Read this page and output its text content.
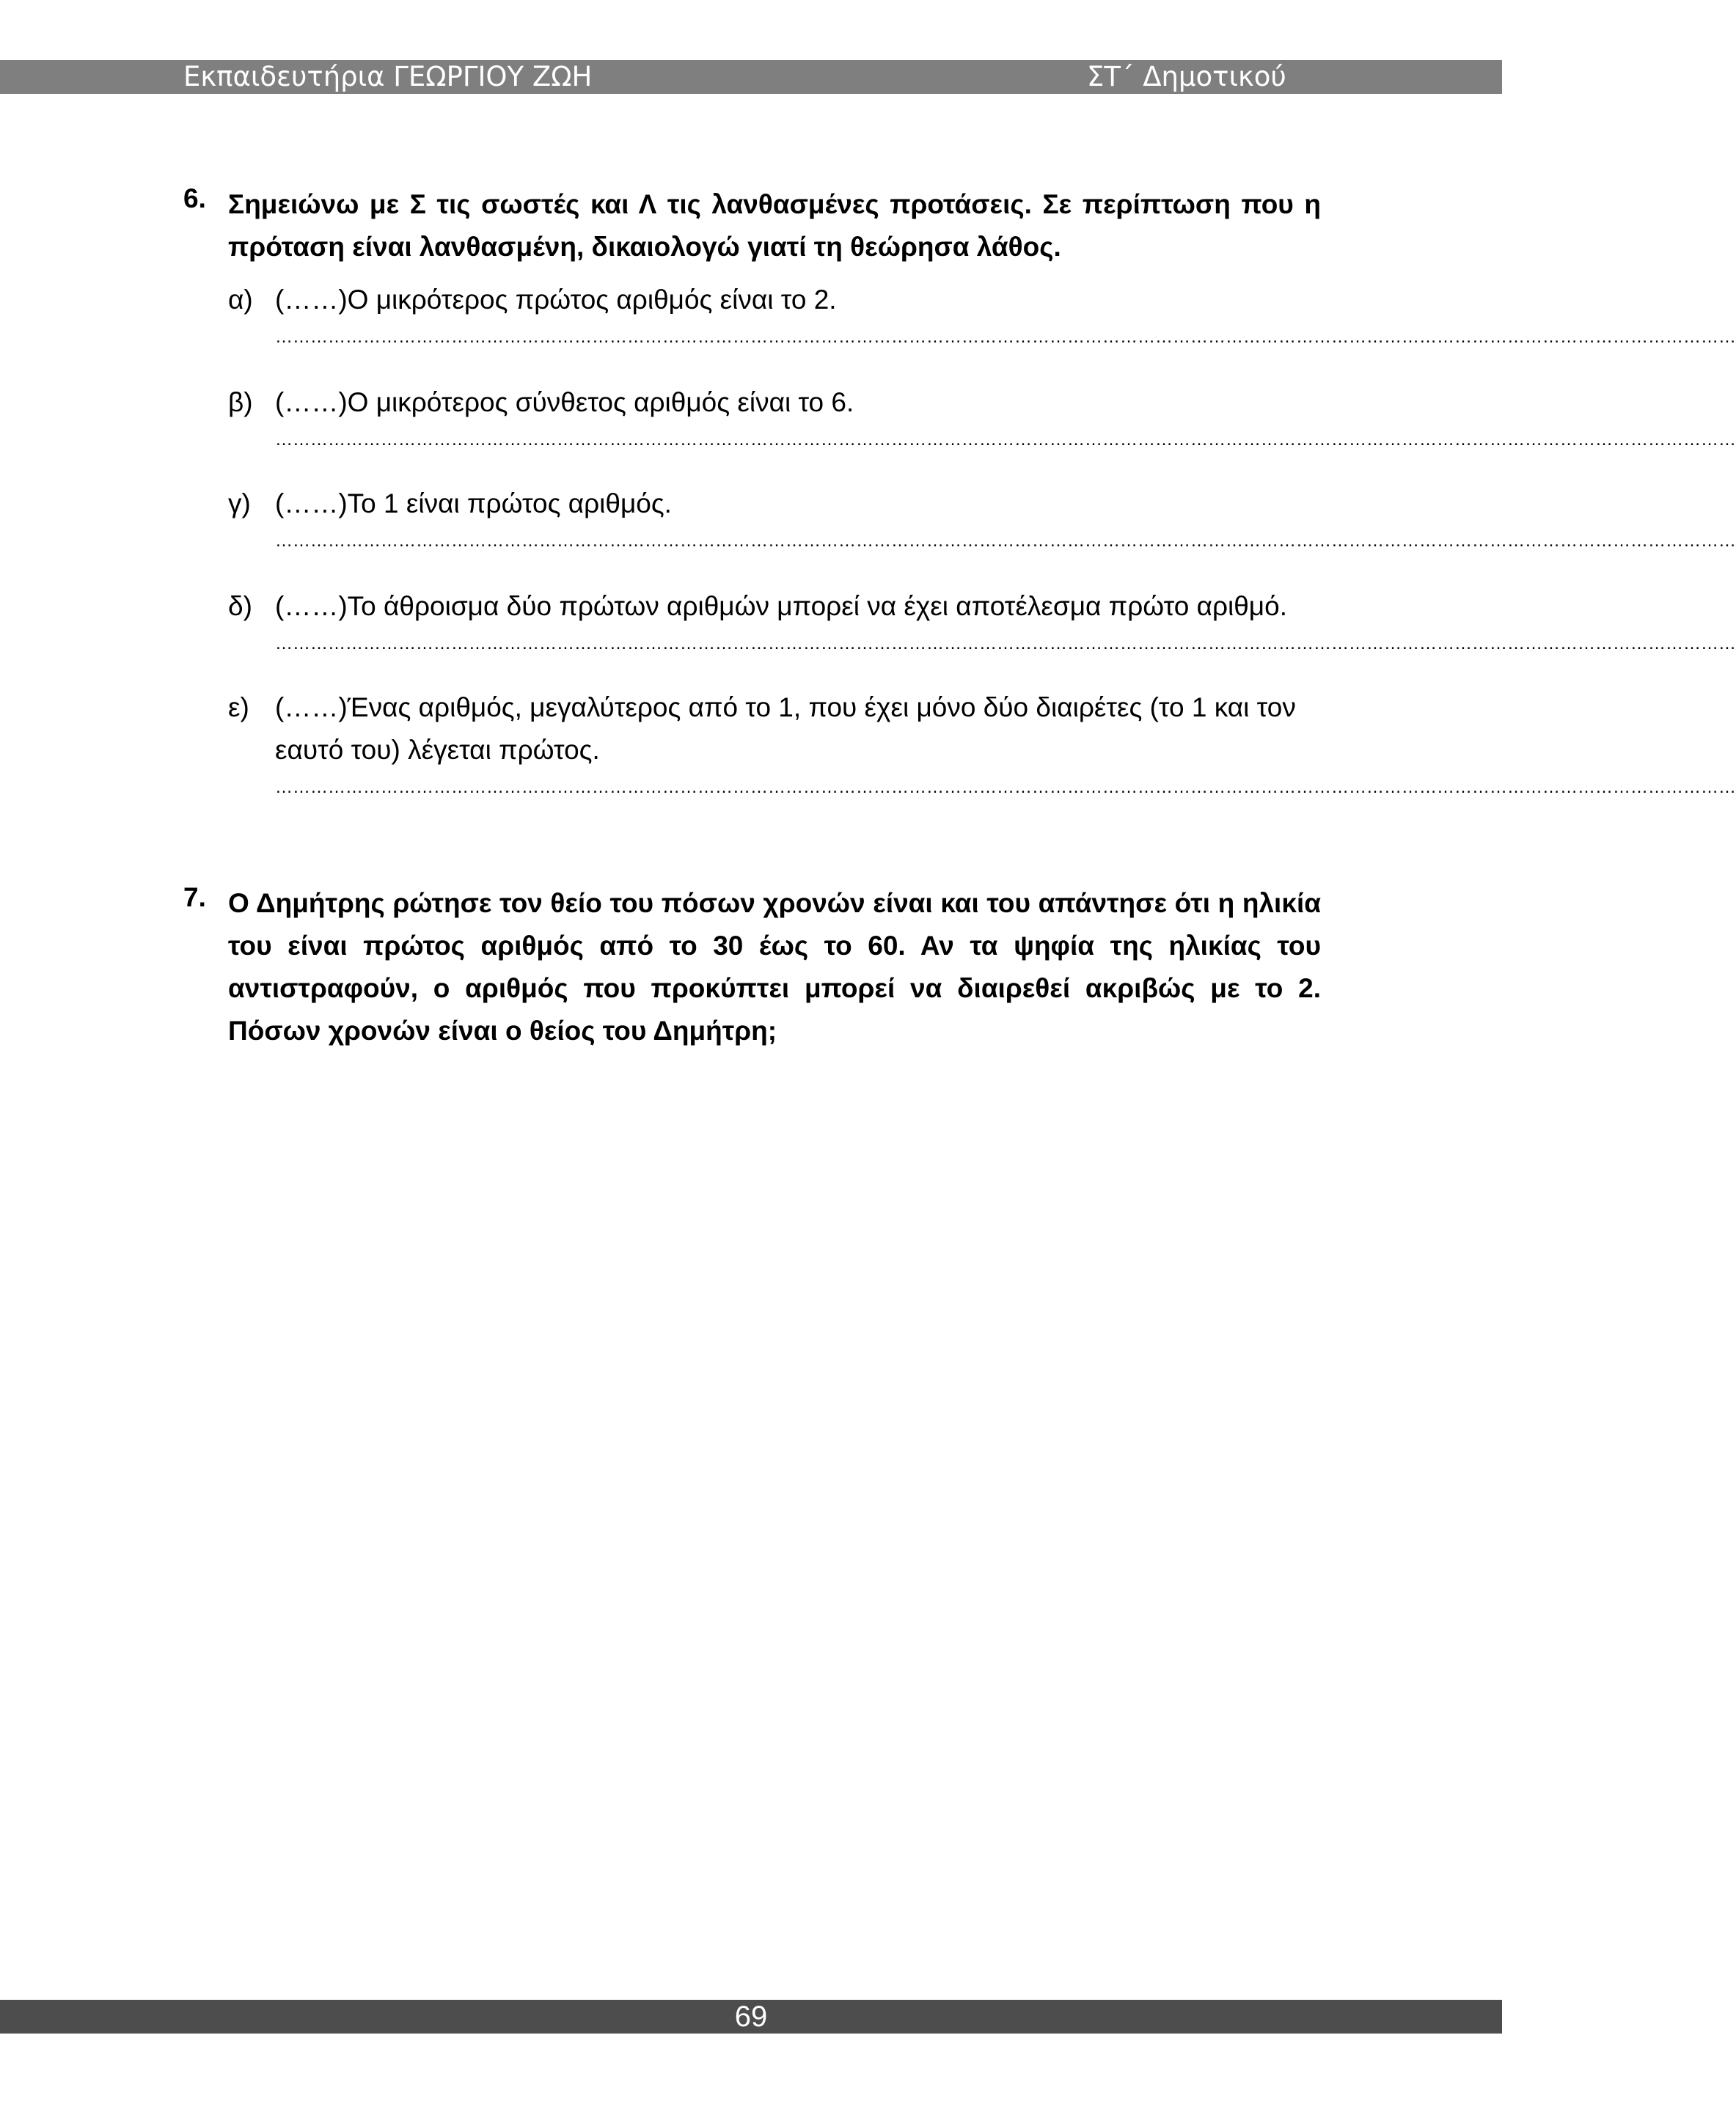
Εκπαιδευτήρια ΓΕΩΡΓΙΟΥ ΖΩΗ	ΣΤ΄ Δημοτικού
6. Σημειώνω με Σ τις σωστές και Λ τις λανθασμένες προτάσεις. Σε περίπτωση που η πρόταση είναι λανθασμένη, δικαιολογώ γιατί τη θεώρησα λάθος.
α) (……)Ο μικρότερος πρώτος αριθμός είναι το 2.
……………………………………………………………………………………………………………………………………………………………………………………………………………………………
β) (……)Ο μικρότερος σύνθετος αριθμός είναι το 6.
……………………………………………………………………………………………………………………………………………………………………………………………………………………………
γ) (……)Το 1 είναι πρώτος αριθμός.
……………………………………………………………………………………………………………………………………………………………………………………………………………………………
δ) (……)Το άθροισμα δύο πρώτων αριθμών μπορεί να έχει αποτέλεσμα πρώτο αριθμό.
……………………………………………………………………………………………………………………………………………………………………………………………………………………………
ε) (……)Ένας αριθμός, μεγαλύτερος από το 1, που έχει μόνο δύο διαιρέτες (το 1 και τον εαυτό του) λέγεται πρώτος.
……………………………………………………………………………………………………………………………………………………………………………………………………………………………
7. Ο Δημήτρης ρώτησε τον θείο του πόσων χρονών είναι και του απάντησε ότι η ηλικία του είναι πρώτος αριθμός από το 30 έως το 60. Αν τα ψηφία της ηλικίας του αντιστραφούν, ο αριθμός που προκύπτει μπορεί να διαιρεθεί ακριβώς με το 2. Πόσων χρονών είναι ο θείος του Δημήτρη;
69
